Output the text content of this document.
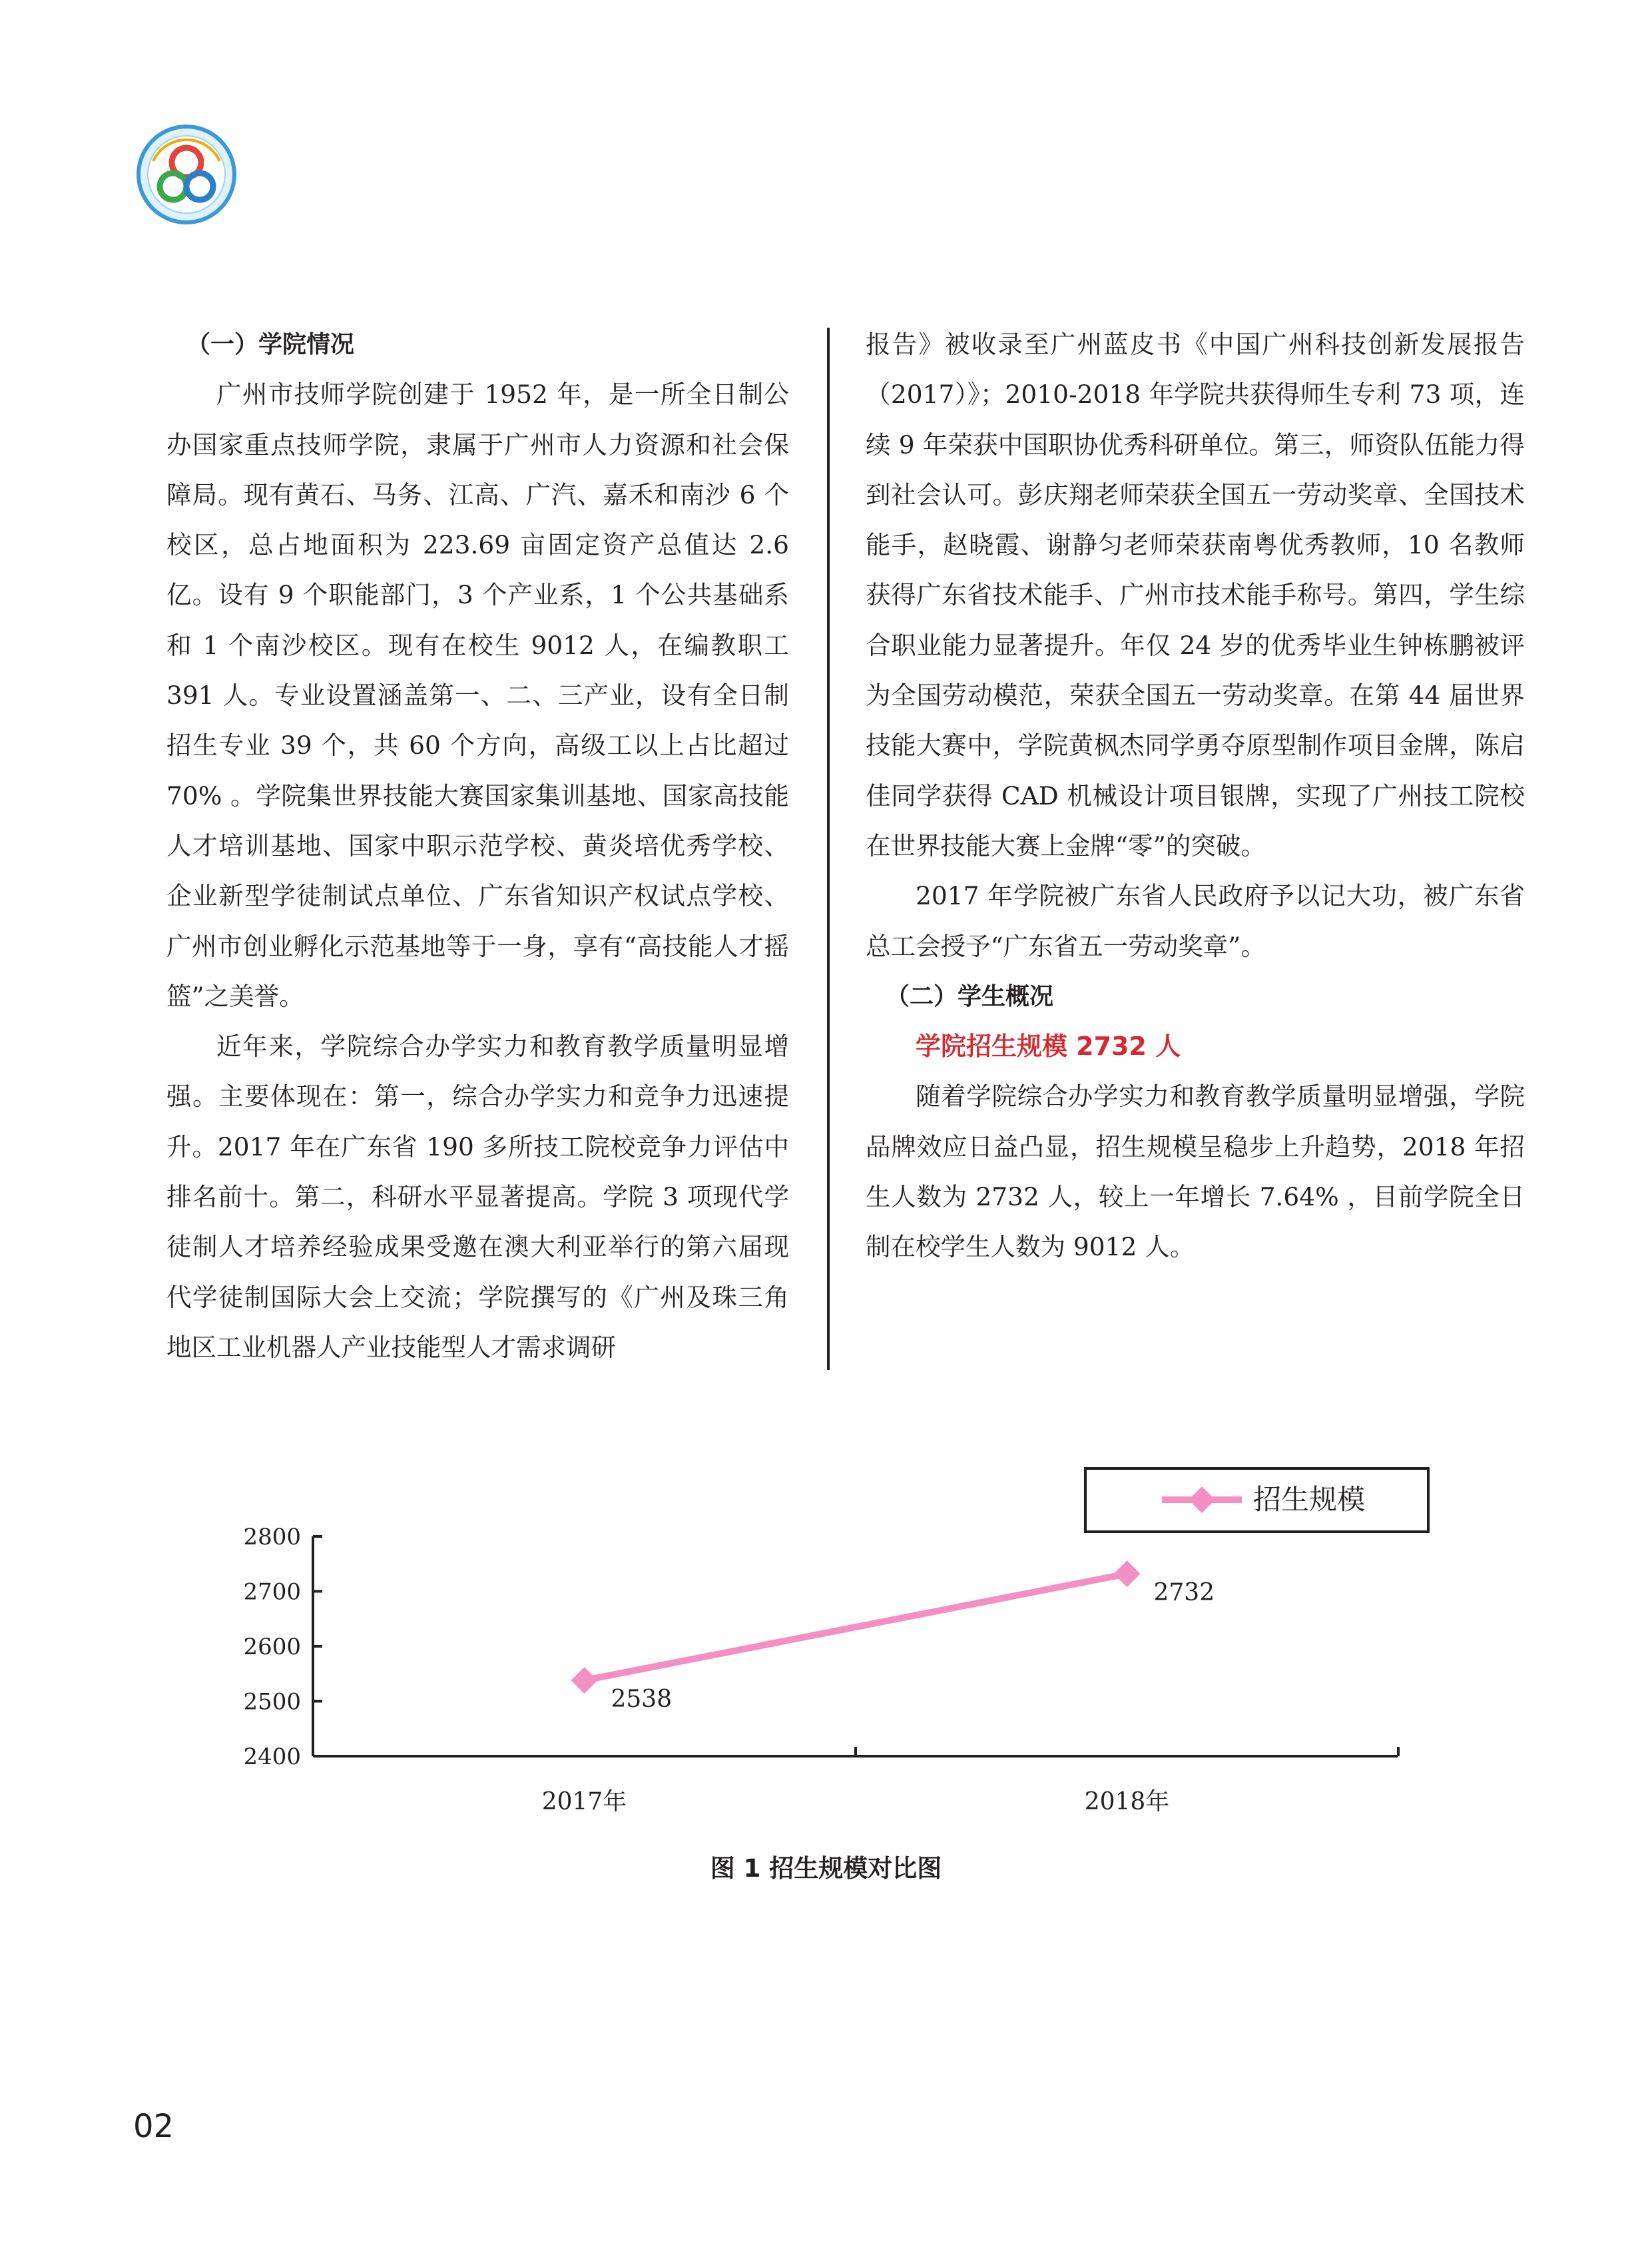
（一）学院情况

广州市技师学院创建于 1952 年，是一所全日制公办国家重点技师学院，隶属于广州市人力资源和社会保障局。现有黄石、马务、江高、广汽、嘉禾和南沙 6 个校区，总占地面积为 223.69 亩固定资产总值达 2.6 亿。设有 9 个职能部门，3 个产业系，1 个公共基础系和 1 个南沙校区。现有在校生 9012 人，在编教职工 391 人。专业设置涵盖第一、二、三产业，设有全日制招生专业 39 个，共 60 个方向，高级工以上占比超过 70% 。学院集世界技能大赛国家集训基地、国家高技能人才培训基地、国家中职示范学校、黄炎培优秀学校、企业新型学徒制试点单位、广东省知识产权试点学校、广州市创业孵化示范基地等于一身，享有“高技能人才摇篮”之美誉。

近年来，学院综合办学实力和教育教学质量明显增强。主要体现在：第一，综合办学实力和竞争力迅速提升。2017 年在广东省 190 多所技工院校竞争力评估中排名前十。第二，科研水平显著提高。学院 3 项现代学徒制人才培养经验成果受邀在澳大利亚举行的第六届现代学徒制国际大会上交流；学院撰写的《广州及珠三角地区工业机器人产业技能型人才需求调研

报告》被收录至广州蓝皮书《中国广州科技创新发展报告（2017）》；2010-2018 年学院共获得师生专利 73 项，连续 9 年荣获中国职协优秀科研单位。第三，师资队伍能力得到社会认可。彭庆翔老师荣获全国五一劳动奖章、全国技术能手，赵晓霞、谢静匀老师荣获南粤优秀教师，10 名教师获得广东省技术能手、广州市技术能手称号。第四，学生综合职业能力显著提升。年仅 24 岁的优秀毕业生钟栋鹏被评为全国劳动模范，荣获全国五一劳动奖章。在第 44 届世界技能大赛中，学院黄枫杰同学勇夺原型制作项目金牌，陈启佳同学获得 CAD 机械设计项目银牌，实现了广州技工院校在世界技能大赛上金牌“零”的突破。

2017 年学院被广东省人民政府予以记大功，被广东省总工会授予“广东省五一劳动奖章”。

（二）学生概况

学院招生规模 2732 人

随着学院综合办学实力和教育教学质量明显增强，学院品牌效应日益凸显，招生规模呈稳步上升趋势，2018 年招生人数为 2732 人，较上一年增长 7.64% ，目前学院全日制在校学生人数为 9012 人。

2400
2500
2600
2700
2800
2017年	2018年
2538
2732
招生规模
图 1 招生规模对比图
02
